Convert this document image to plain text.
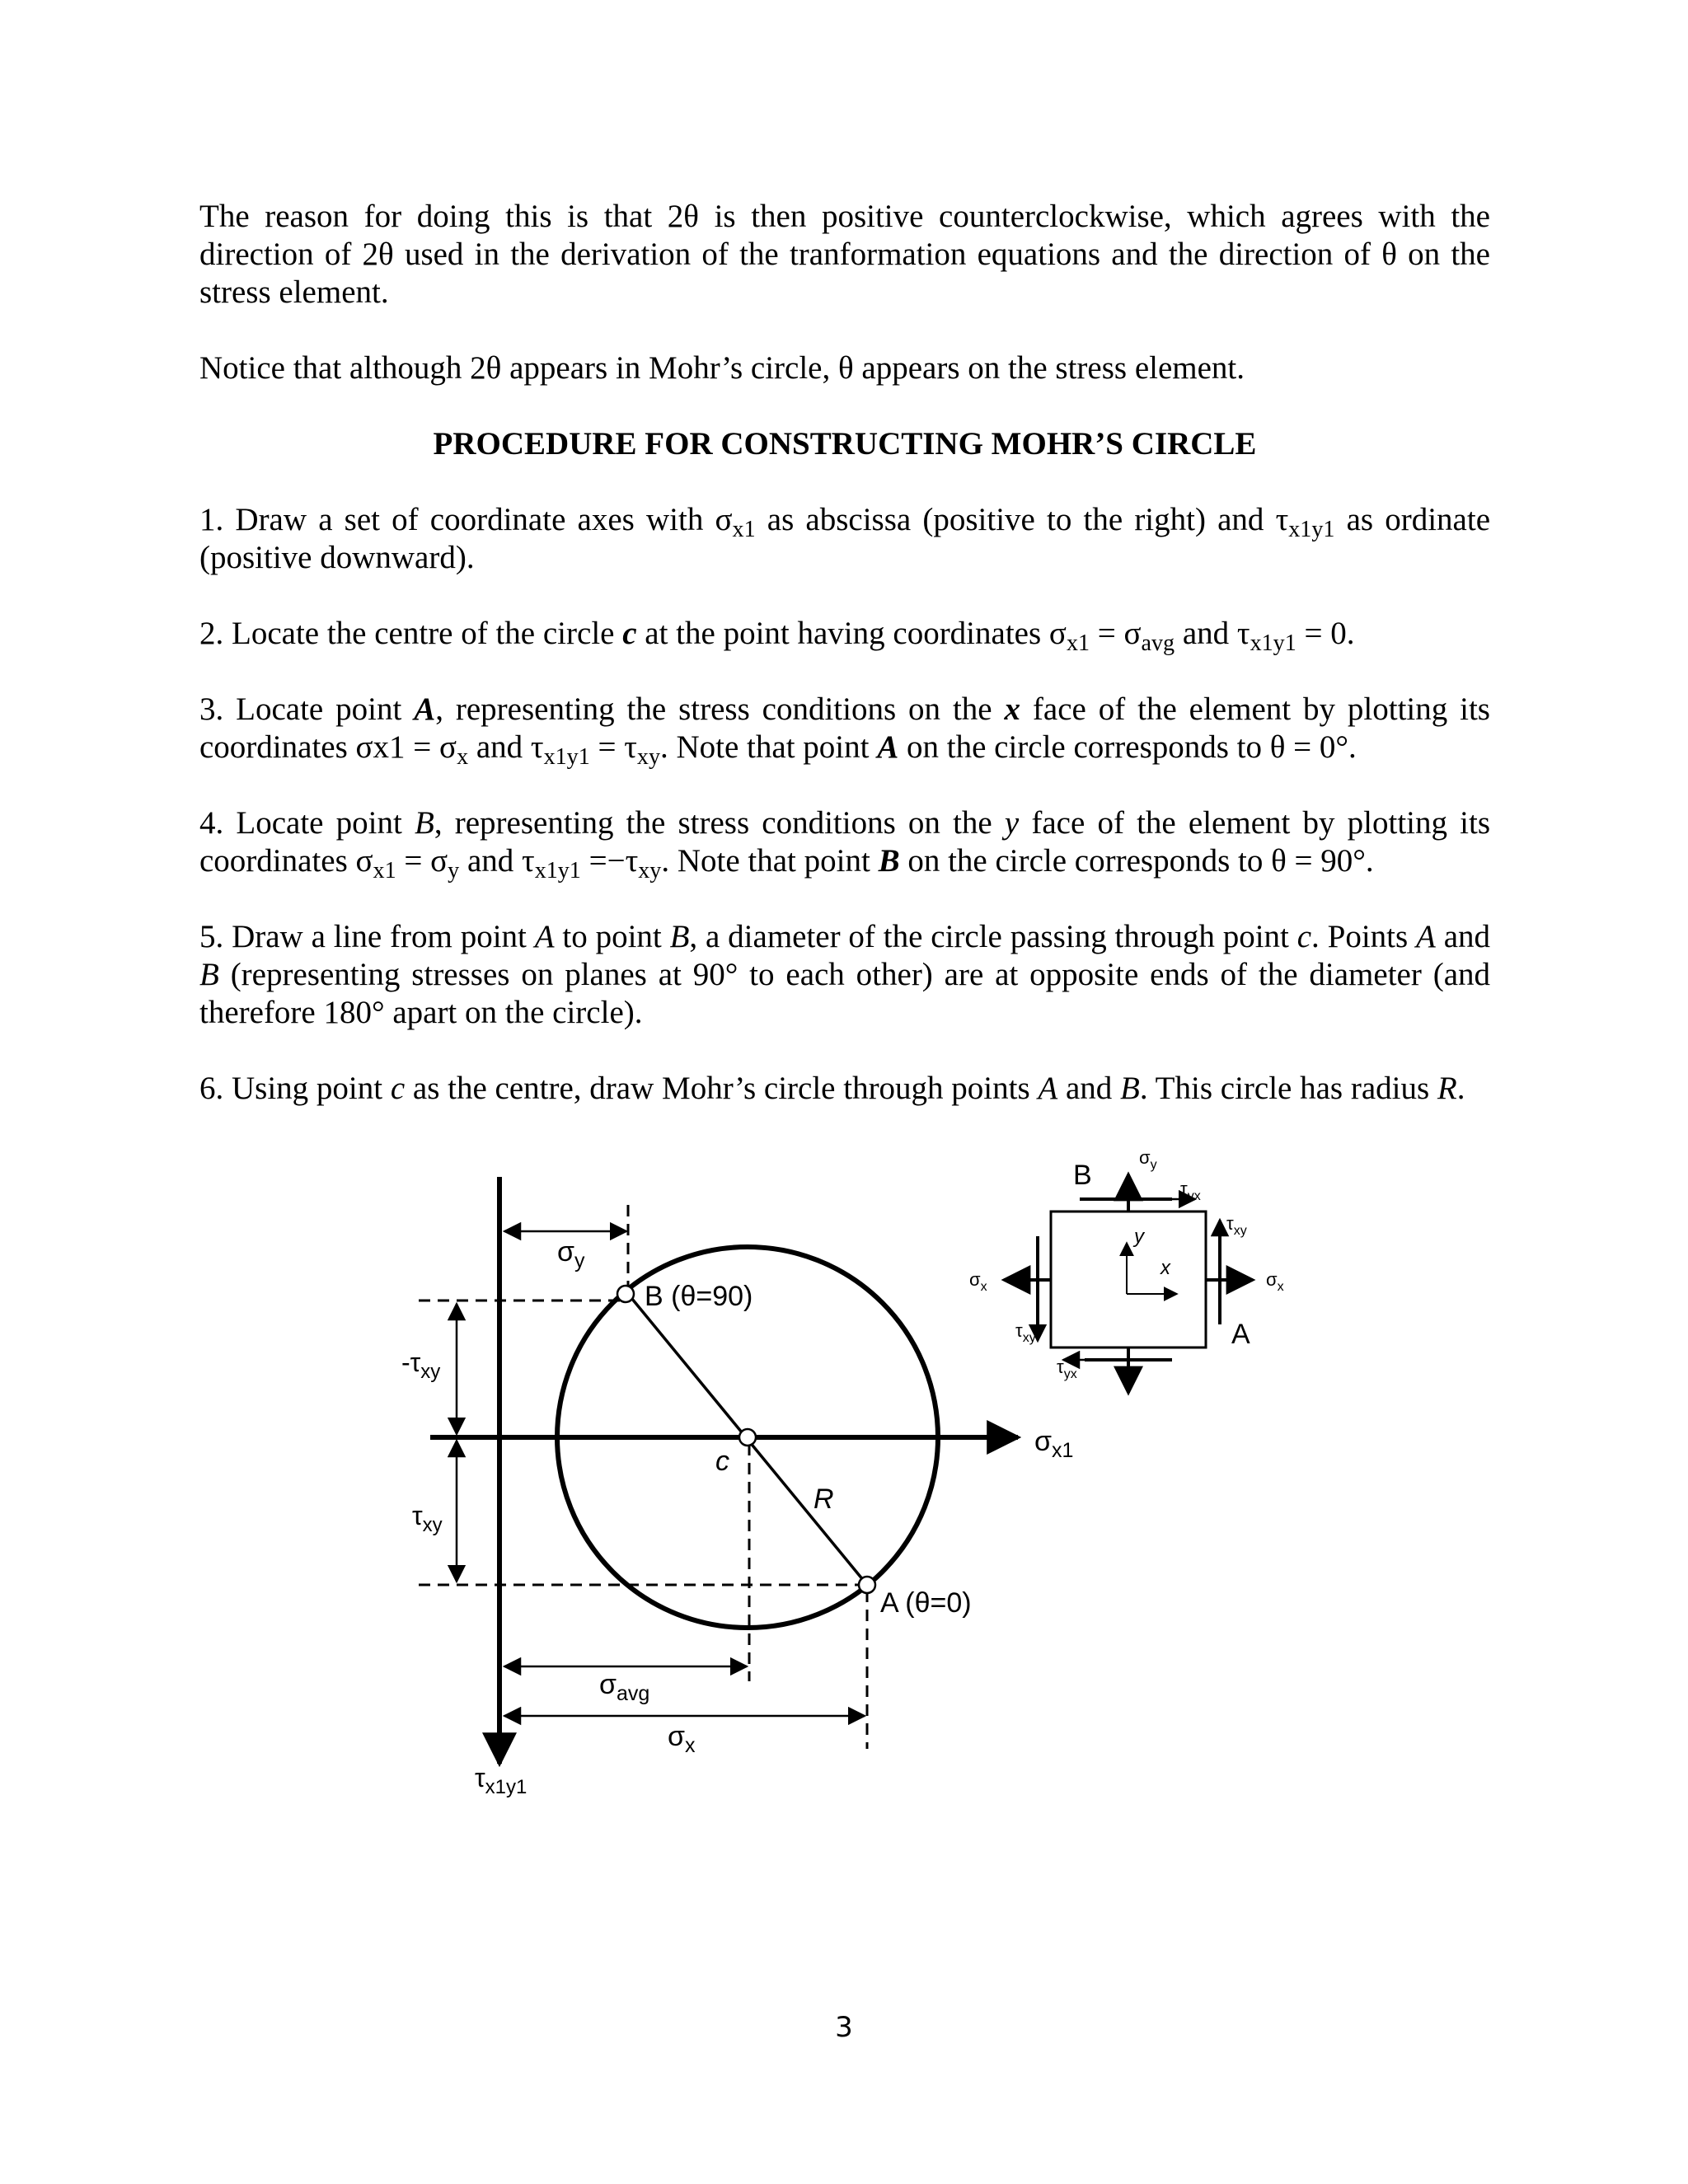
The reason for doing this is that 2θ is then positive counterclockwise, which agrees with the direction of 2θ used in the derivation of the tranformation equations and the direction of θ on the stress element.

Notice that although 2θ appears in Mohr’s circle, θ appears on the stress element.

PROCEDURE FOR CONSTRUCTING MOHR’S CIRCLE

1. Draw a set of coordinate axes with $\sigma_{x1}$ as abscissa (positive to the right) and $\tau_{x1y1}$ as ordinate (positive downward).

2. Locate the centre of the circle c at the point having coordinates $\sigma_{x1} = \sigma_{avg}$ and $\tau_{x1y1} = 0$.

3. Locate point A, representing the stress conditions on the x face of the element by plotting its coordinates $\sigma x1 = \sigma_x$ and $\tau_{x1y1} = \tau_{xy}$. Note that point A on the circle corresponds to θ = 0°.

4. Locate point B, representing the stress conditions on the y face of the element by plotting its coordinates $\sigma_{x1} = \sigma_y$ and $\tau_{x1y1} =-\tau_{xy}$. Note that point B on the circle corresponds to θ = 90°.

5. Draw a line from point A to point B, a diameter of the circle passing through point c. Points A and B (representing stresses on planes at 90° to each other) are at opposite ends of the diameter (and therefore 180° apart on the circle).

6. Using point c as the centre, draw Mohr’s circle through points A and B. This circle has radius R.

$-\tau_{xy}$
$\tau_{xy}$
$\sigma_y$
B (θ=90)
c
R
A (θ=0)
$\sigma_{x1}$
$\sigma_{avg}$
$\sigma_x$
$\tau_{x1y1}$
B
$\sigma_y$
$\tau_{yx}$
$\tau_{xy}$
$\sigma_x$
A
$\sigma_x$
$\tau_{xy}$
$\tau_{yx}$
y
x
3
